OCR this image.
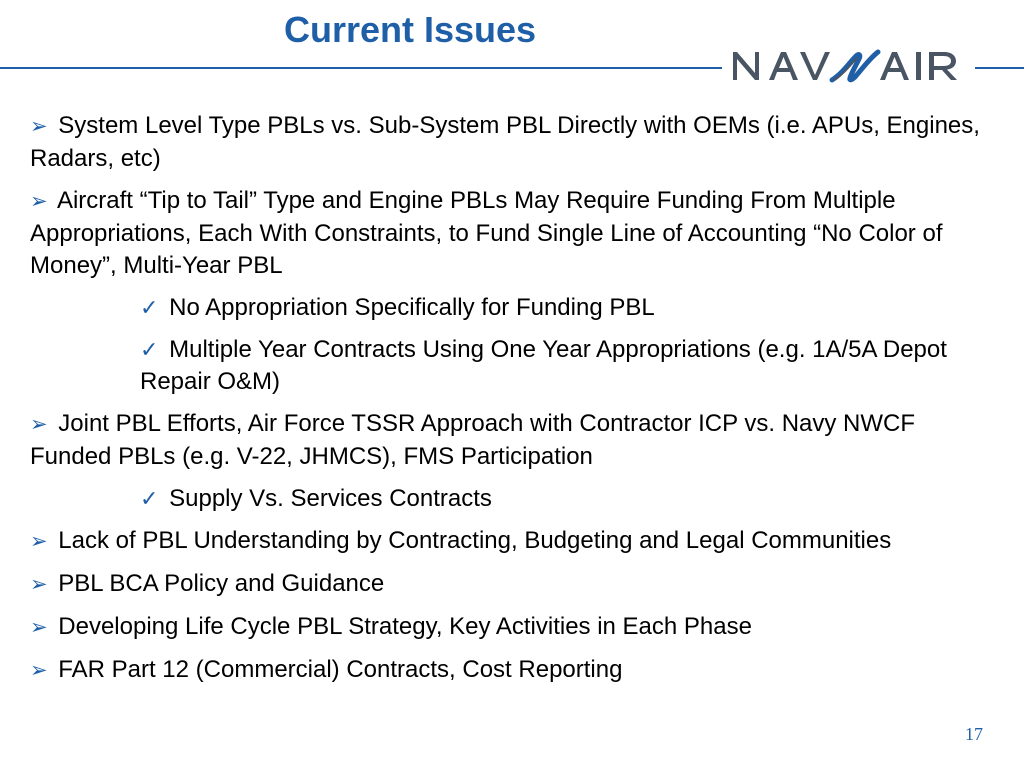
Current Issues
➢ System Level Type PBLs vs. Sub-System PBL Directly with OEMs (i.e. APUs, Engines, Radars, etc)
➢ Aircraft “Tip to Tail” Type and Engine PBLs May Require Funding From Multiple Appropriations, Each With Constraints, to Fund Single Line of Accounting “No Color of Money”, Multi-Year PBL
✓ No Appropriation Specifically for Funding PBL
✓ Multiple Year Contracts Using One Year Appropriations (e.g. 1A/5A Depot Repair O&M)
➢ Joint PBL Efforts, Air Force TSSR Approach with Contractor ICP vs. Navy NWCF Funded PBLs (e.g. V-22, JHMCS), FMS Participation
✓ Supply Vs. Services Contracts
➢ Lack of PBL Understanding by Contracting, Budgeting and Legal Communities
➢ PBL BCA Policy and Guidance
➢ Developing Life Cycle PBL Strategy, Key Activities in Each Phase
➢ FAR Part 12 (Commercial) Contracts, Cost Reporting
17
